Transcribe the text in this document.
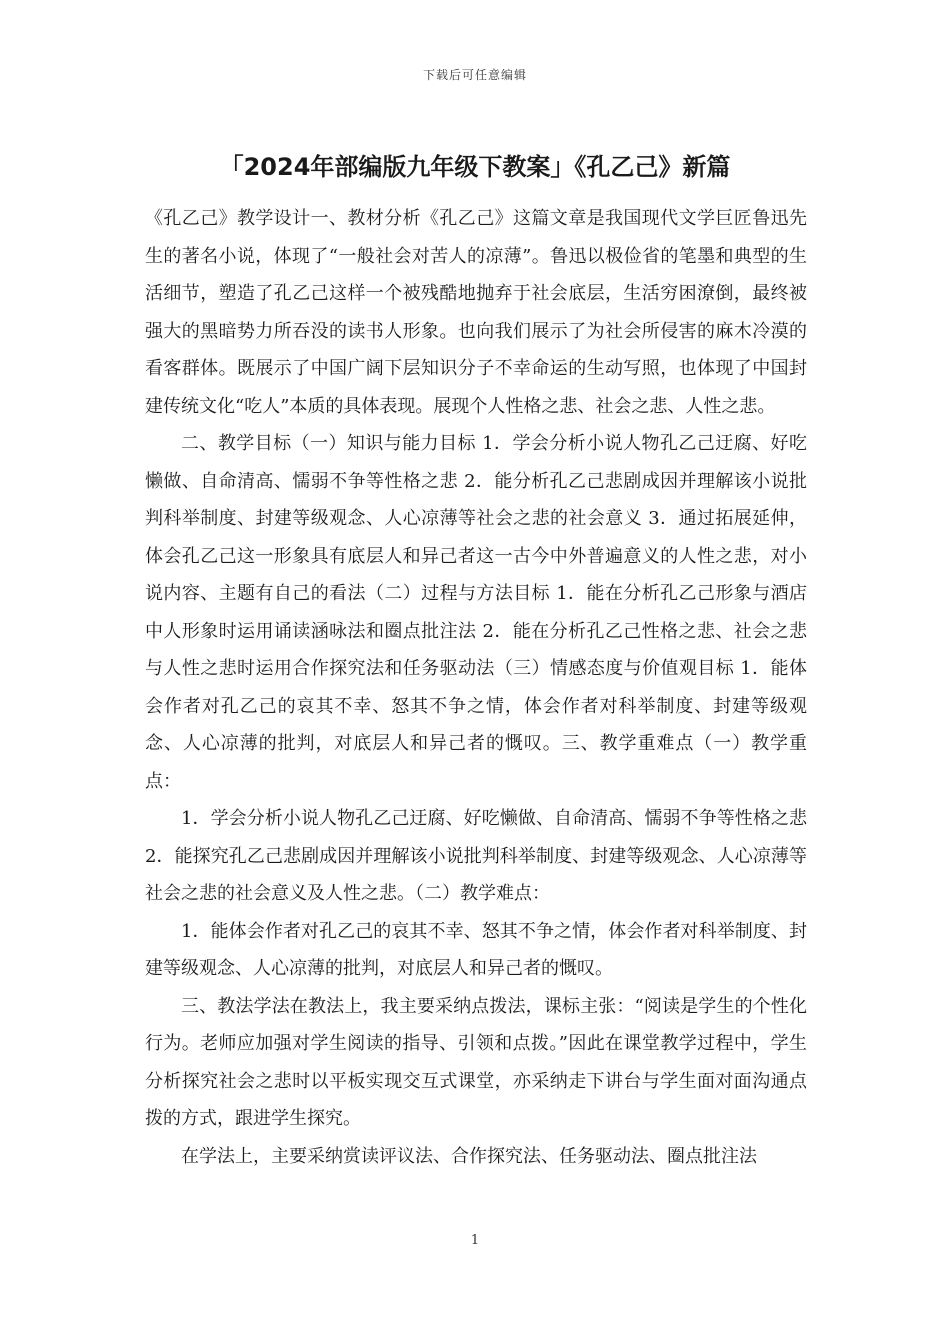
下载后可任意编辑
「2024年部编版九年级下教案」《孔乙己》新篇

《孔乙己》教学设计一、教材分析《孔乙己》这篇文章是我国现代文学巨匠鲁迅先生的著名小说，体现了“一般社会对苦人的凉薄”。鲁迅以极俭省的笔墨和典型的生活细节，塑造了孔乙己这样一个被残酷地抛弃于社会底层，生活穷困潦倒，最终被强大的黑暗势力所吞没的读书人形象。也向我们展示了为社会所侵害的麻木冷漠的看客群体。既展示了中国广阔下层知识分子不幸命运的生动写照，也体现了中国封建传统文化“吃人”本质的具体表现。展现个人性格之悲、社会之悲、人性之悲。

二、教学目标（一）知识与能力目标 1．学会分析小说人物孔乙己迂腐、好吃懒做、自命清高、懦弱不争等性格之悲 2．能分析孔乙己悲剧成因并理解该小说批判科举制度、封建等级观念、人心凉薄等社会之悲的社会意义 3．通过拓展延伸，体会孔乙己这一形象具有底层人和异己者这一古今中外普遍意义的人性之悲，对小说内容、主题有自己的看法（二）过程与方法目标 1．能在分析孔乙己形象与酒店中人形象时运用诵读涵咏法和圈点批注法 2．能在分析孔乙己性格之悲、社会之悲与人性之悲时运用合作探究法和任务驱动法（三）情感态度与价值观目标 1．能体会作者对孔乙己的哀其不幸、怒其不争之情，体会作者对科举制度、封建等级观念、人心凉薄的批判，对底层人和异己者的慨叹。三、教学重难点（一）教学重点：

1．学会分析小说人物孔乙己迂腐、好吃懒做、自命清高、懦弱不争等性格之悲 2．能探究孔乙己悲剧成因并理解该小说批判科举制度、封建等级观念、人心凉薄等社会之悲的社会意义及人性之悲。（二）教学难点：

1．能体会作者对孔乙己的哀其不幸、怒其不争之情，体会作者对科举制度、封建等级观念、人心凉薄的批判，对底层人和异己者的慨叹。

三、教法学法在教法上，我主要采纳点拨法，课标主张：“阅读是学生的个性化行为。老师应加强对学生阅读的指导、引领和点拨。”因此在课堂教学过程中，学生分析探究社会之悲时以平板实现交互式课堂，亦采纳走下讲台与学生面对面沟通点拨的方式，跟进学生探究。

在学法上，主要采纳赏读评议法、合作探究法、任务驱动法、圈点批注法

1
